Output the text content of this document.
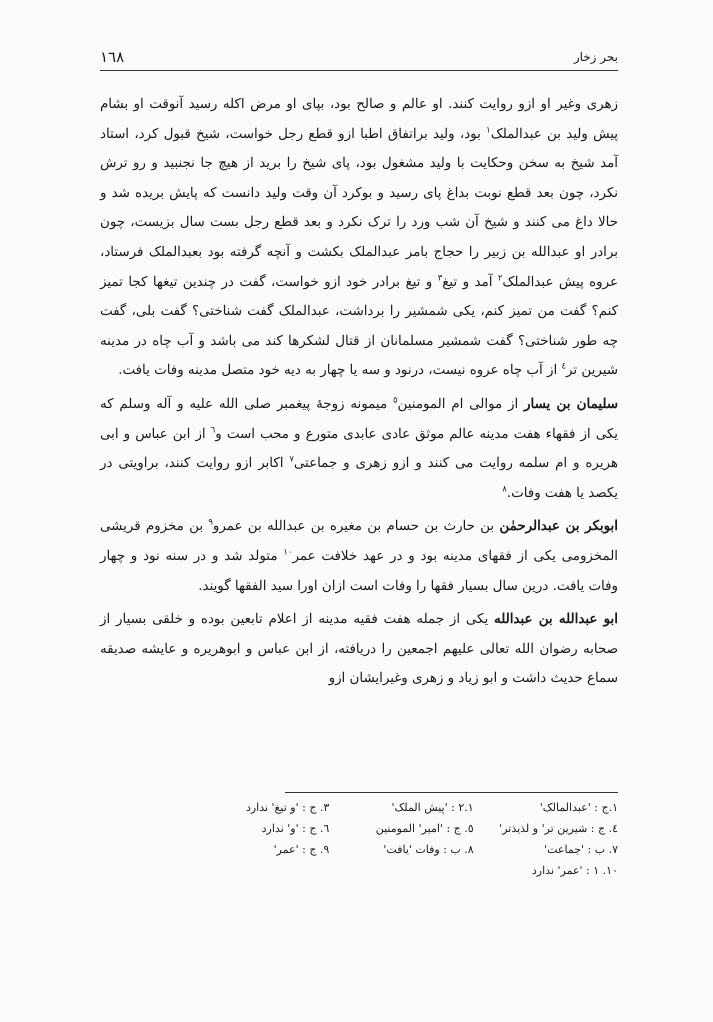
١٦٨	بحر زخار

زهری وغیر او ازو روایت کنند. او عالم و صالح بود، بپای او مرض اکله رسید آنوقت او بشام پیش ولید بن عبدالملک$^١$ بود، ولید براتفاق اطبا ازو قطع رجل خواست، شیخ قبول کرد، استاد آمد شیخ به سخن وحکایت با ولید مشغول بود، پای شیخ را برید از هیچ جا نجنبید و رو ترش نکرد، چون بعد قطع نوبت بداغ پای رسید و بوکرد آن وقت ولید دانست که پایش بریده شد و حالا داغ می کنند و شیخ آن شب ورد را ترک نکرد و بعد قطع رجل بست سال بزیست، چون برادر او عبدالله بن زبیر را حجاج بامر عبدالملک بکشت و آنچه گرفته بود بعبدالملک فرستاد، عروه پیش عبدالملک$^٢$ آمد و تیغ$^٣$ و تیغ برادر خود ازو خواست، گفت در چندین تیغها کجا تمیز کنم؟ گفت من تمیز کنم، یکی شمشیر را برداشت، عبدالملک گفت شناختی؟ گفت بلی، گفت چه طور شناختی؟ گفت شمشیر مسلمانان از قتال لشکرها کند می باشد و آب چاه در مدینه شیرین تر$^٤$ از آب چاه عروه نیست، درنود و سه یا چهار به دیه خود متصل مدینه وفات یافت.

سلیمان بن یسار از موالی ام المومنین$^٥$ میمونه زوجۀ پیغمبر صلی الله علیه و آله وسلم که یکی از فقهاء هفت مدینه عالم موثق عادی عابدی متورع و محب است و$^٦$ از ابن عباس و ابی هریره و ام سلمه روایت می کنند و ازو زهری و جماعتی$^٧$ اکابر ازو روایت کنند، براویتی در یکصد یا هفت وفات.$^٨$

ابوبکر بن عبدالرحمٰن بن حارث بن حسام بن مغیره بن عبدالله بن عمرو$^٩$ بن مخزوم قریشی المخزومی یکی از فقهای مدینه بود و در عهد خلافت عمر$^{١٠}$ متولد شد و در سنه نود و چهار وفات یافت. درین سال بسیار فقها را وفات است ازان اورا سید الفقها گویند.

ابو عبدالله بن عبدالله یکی از جمله هفت فقیه مدینه از اعلام تابعین بوده و خلقی بسیار از صحابه رضوان الله تعالی علیهم اجمعین را دریافته، از ابن عباس و ابوهریره و عایشه صدیقه سماع حدیث داشت و ابو زیاد و زهری وغیرایشان ازو

١.ج : 'عبدالمالک'
٢.١ : 'پیش الملک'
٣. ج : 'و تیغ' ندارد
٤. ج : شیرین تر' و لذیذتر'
٥. ج : 'امیر' المومنین
٦. ج : 'و' ندارد
٧. ب : 'جماعت'
٨. ب : وفات 'یافت'
٩. ج : 'عمر'
١٠. ١ : 'عمر' ندارد
